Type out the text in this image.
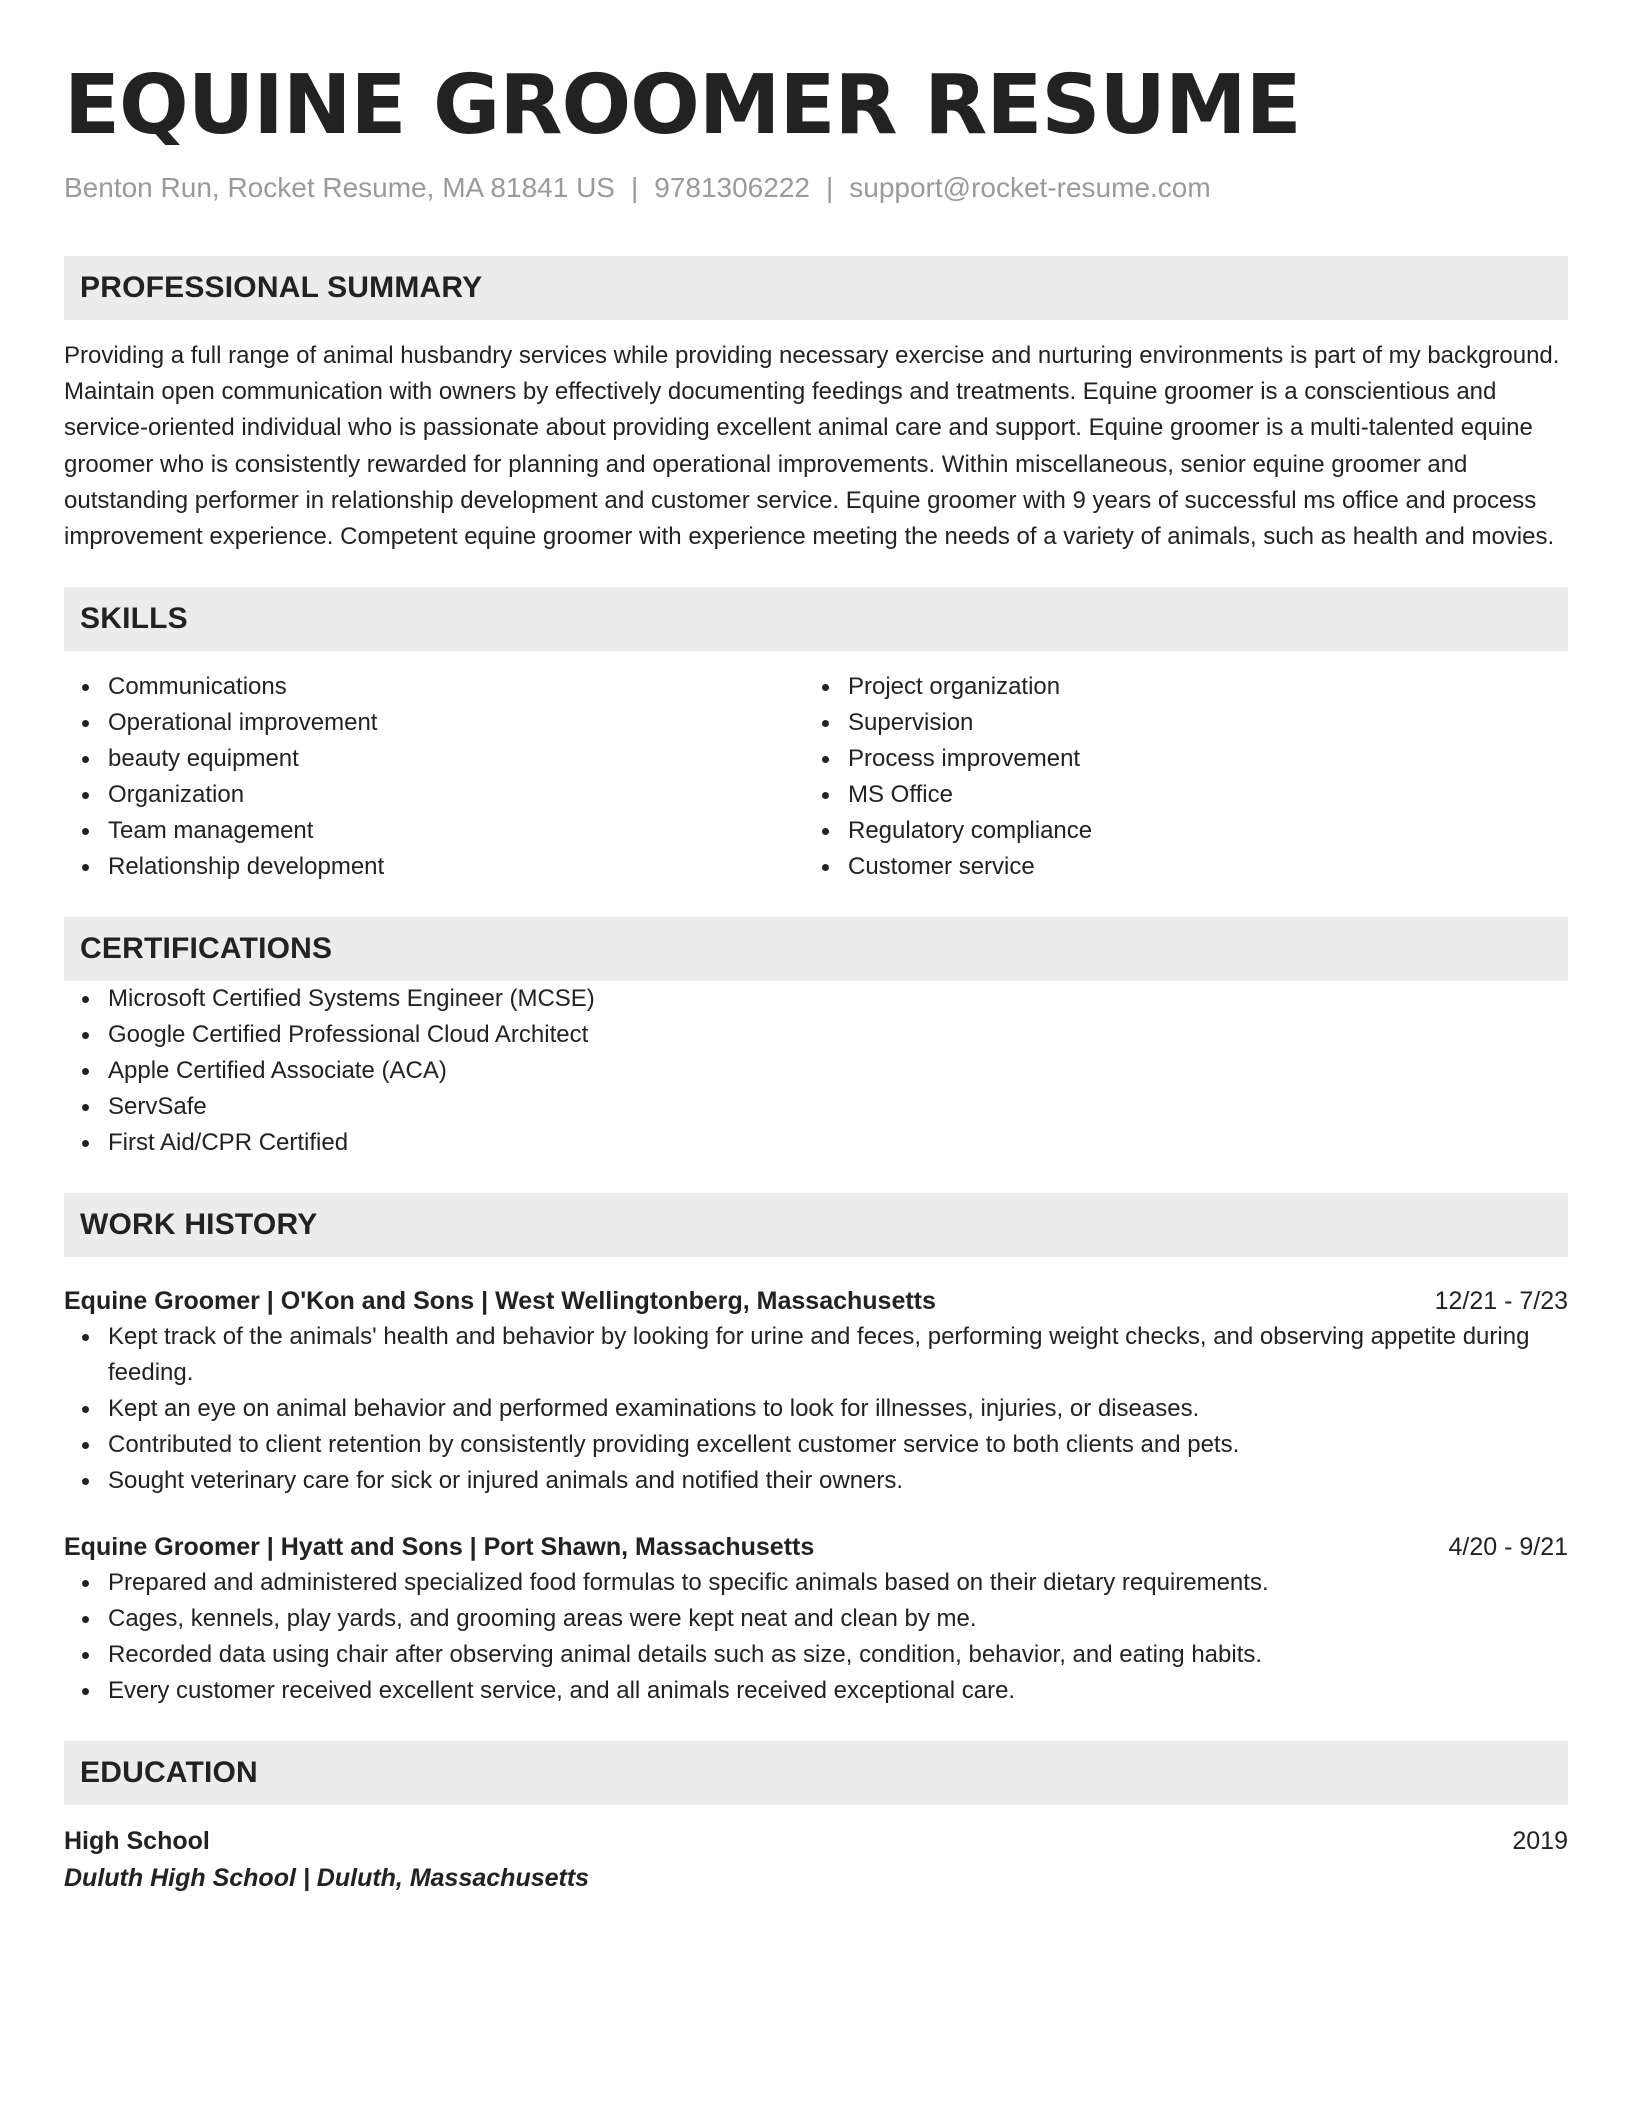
EQUINE GROOMER RESUME
Benton Run, Rocket Resume, MA 81841 US | 9781306222 | support@rocket-resume.com
PROFESSIONAL SUMMARY

Providing a full range of animal husbandry services while providing necessary exercise and nurturing environments is part of my background. Maintain open communication with owners by effectively documenting feedings and treatments. Equine groomer is a conscientious and service-oriented individual who is passionate about providing excellent animal care and support. Equine groomer is a multi-talented equine groomer who is consistently rewarded for planning and operational improvements. Within miscellaneous, senior equine groomer and outstanding performer in relationship development and customer service. Equine groomer with 9 years of successful ms office and process improvement experience. Competent equine groomer with experience meeting the needs of a variety of animals, such as health and movies.

SKILLS
Communications
Operational improvement
beauty equipment
Organization
Team management
Relationship development
Project organization
Supervision
Process improvement
MS Office
Regulatory compliance
Customer service
CERTIFICATIONS
Microsoft Certified Systems Engineer (MCSE)
Google Certified Professional Cloud Architect
Apple Certified Associate (ACA)
ServSafe
First Aid/CPR Certified
WORK HISTORY
Equine Groomer | O'Kon and Sons | West Wellingtonberg, Massachusetts	12/21 - 7/23
Kept track of the animals' health and behavior by looking for urine and feces, performing weight checks, and observing appetite during feeding.
Kept an eye on animal behavior and performed examinations to look for illnesses, injuries, or diseases.
Contributed to client retention by consistently providing excellent customer service to both clients and pets.
Sought veterinary care for sick or injured animals and notified their owners.
Equine Groomer | Hyatt and Sons | Port Shawn, Massachusetts	4/20 - 9/21
Prepared and administered specialized food formulas to specific animals based on their dietary requirements.
Cages, kennels, play yards, and grooming areas were kept neat and clean by me.
Recorded data using chair after observing animal details such as size, condition, behavior, and eating habits.
Every customer received excellent service, and all animals received exceptional care.
EDUCATION
High School	2019
Duluth High School | Duluth, Massachusetts
